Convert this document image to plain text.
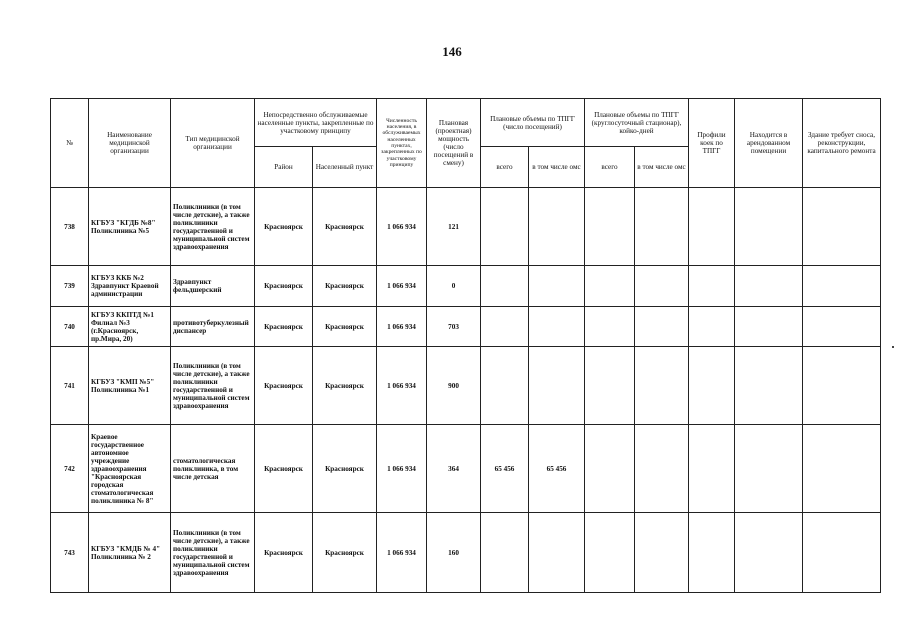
146
№	Наименование медицинской организации	Тип медицинской организации	Непосредственно обслуживаемые населенные пункты, закрепленные по участковому принципу		Численность населения, в обслуживаемых населенных пунктах, закрепленных по участковому принципу	Плановая (проектная) мощность (число посещений в смену)	Плановые объемы по ТПГГ (число посещений)		Плановые объемы по ТПГГ (круглосуточный стационар), койко-дней		Профили коек по ТПГГ	Находится в арендованном помещении	Здание требует сноса, реконструкции, капитального ремонта
			Район	Населенный пункт			всего	в том числе омс	всего	в том числе омс			
738	КГБУЗ "КГДБ №8" Поликлиника №5	Поликлиники (в том числе детские), а также поликлиники государственной и муниципальной систем здравоохранения	Красноярск	Красноярск	1 066 934	121							
739	КГБУЗ ККБ №2 Здравпункт Краевой администрации	Здравпункт фельдшерский	Красноярск	Красноярск	1 066 934	0							
740	КГБУЗ ККПТД №1 Филиал №3 (г.Красноярск, пр.Мира, 20)	противотуберкулезный диспансер	Красноярск	Красноярск	1 066 934	703							
741	КГБУЗ "КМП №5" Поликлиника №1	Поликлиники (в том числе детские), а также поликлиники государственной и муниципальной систем здравоохранения	Красноярск	Красноярск	1 066 934	900							
742	Краевое государственное автономное учреждение здравоохранения "Красноярская городская стоматологическая поликлиника № 8"	стоматологическая поликлиника, в том числе детская	Красноярск	Красноярск	1 066 934	364	65 456	65 456					
743	КГБУЗ "КМДБ № 4" Поликлиника № 2	Поликлиники (в том числе детские), а также поликлиники государственной и муниципальной систем здравоохранения	Красноярск	Красноярск	1 066 934	160							
